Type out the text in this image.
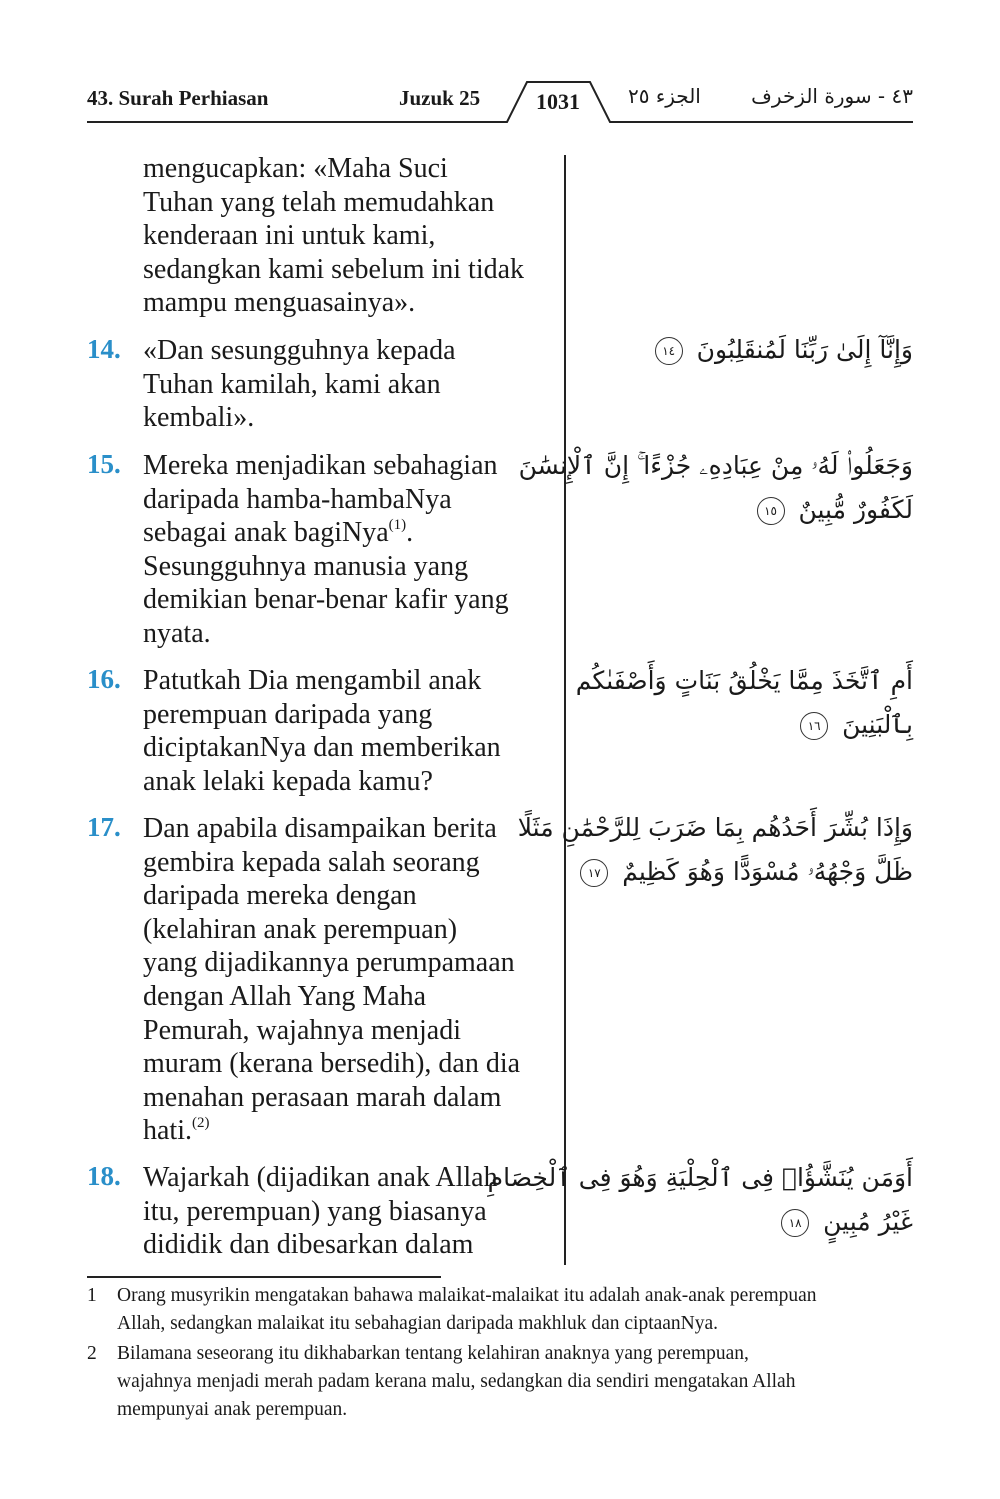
43. Surah Perhiasan	Juzuk 25	1031 الجزء ٢٥	٤٣ - سورة الزخرف
mengucapkan: «Maha Suci
Tuhan yang telah memudahkan
kenderaan ini untuk kami,
sedangkan kami sebelum ini tidak
mampu menguasainya».
14. «Dan sesungguhnya kepada
Tuhan kamilah, kami akan
kembali».
وَإِنَّآ إِلَىٰ رَبِّنَا لَمُنقَلِبُونَ ١٤
15. Mereka menjadikan sebahagian
daripada hamba-hambaNya
sebagai anak bagiNya$^{(1)}$.
Sesungguhnya manusia yang
demikian benar-benar kafir yang
nyata.
وَجَعَلُوا۟ لَهُۥ مِنْ عِبَادِهِۦ جُزْءًا ۚ إِنَّ ٱلْإِنسَٰنَ
لَكَفُورٌ مُّبِينٌ ١٥
16. Patutkah Dia mengambil anak
perempuan daripada yang
diciptakanNya dan memberikan
anak lelaki kepada kamu?
أَمِ ٱتَّخَذَ مِمَّا يَخْلُقُ بَنَاتٍ وَأَصْفَىٰكُم
بِٱلْبَنِينَ ١٦
17. Dan apabila disampaikan berita
gembira kepada salah seorang
daripada mereka dengan
(kelahiran anak perempuan)
yang dijadikannya perumpamaan
dengan Allah Yang Maha
Pemurah, wajahnya menjadi
muram (kerana bersedih), dan dia
menahan perasaan marah dalam
hati.$^{(2)}$
وَإِذَا بُشِّرَ أَحَدُهُم بِمَا ضَرَبَ لِلرَّحْمَٰنِ مَثَلًا
ظَلَّ وَجْهُهُۥ مُسْوَدًّا وَهُوَ كَظِيمٌ ١٧
18. Wajarkah (dijadikan anak Allah
itu, perempuan) yang biasanya
dididik dan dibesarkan dalam
أَوَمَن يُنَشَّؤُا۟ فِى ٱلْحِلْيَةِ وَهُوَ فِى ٱلْخِصَامِ
غَيْرُ مُبِينٍ ١٨
1 Orang musyrikin mengatakan bahawa malaikat-malaikat itu adalah anak-anak perempuan
Allah, sedangkan malaikat itu sebahagian daripada makhluk dan ciptaanNya.
2 Bilamana seseorang itu dikhabarkan tentang kelahiran anaknya yang perempuan,
wajahnya menjadi merah padam kerana malu, sedangkan dia sendiri mengatakan Allah
mempunyai anak perempuan.
